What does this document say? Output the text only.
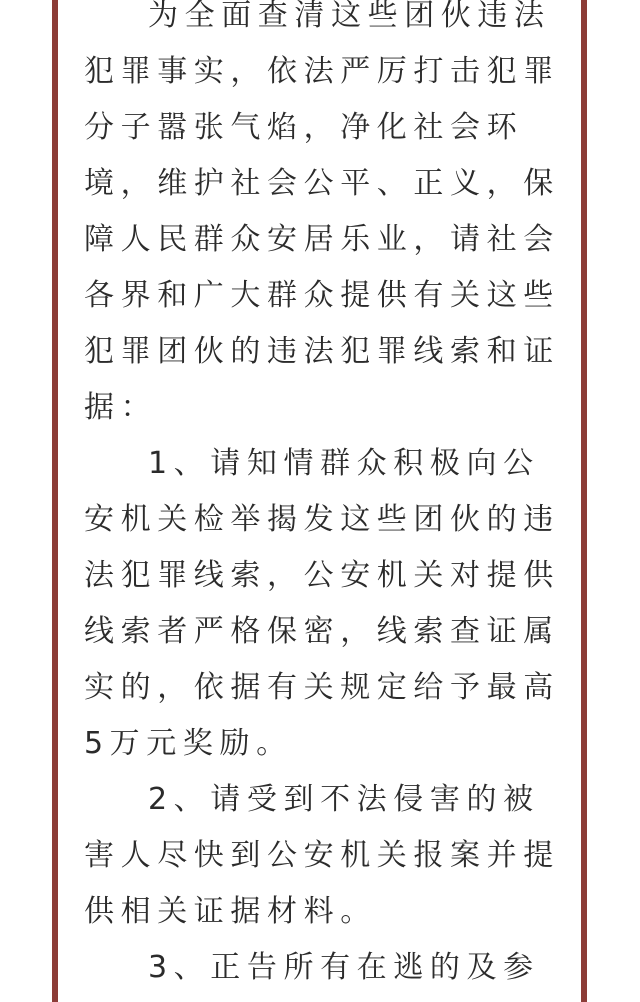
为全面查清这些团伙违法
犯罪事实，依法严厉打击犯罪
分子嚣张气焰，净化社会环
境，维护社会公平、正义，保
障人民群众安居乐业，请社会
各界和广大群众提供有关这些
犯罪团伙的违法犯罪线索和证
据：
1、请知情群众积极向公
安机关检举揭发这些团伙的违
法犯罪线索，公安机关对提供
线索者严格保密，线索查证属
实的，依据有关规定给予最高
5万元奖励。
2、请受到不法侵害的被
害人尽快到公安机关报案并提
供相关证据材料。
3、正告所有在逃的及参
